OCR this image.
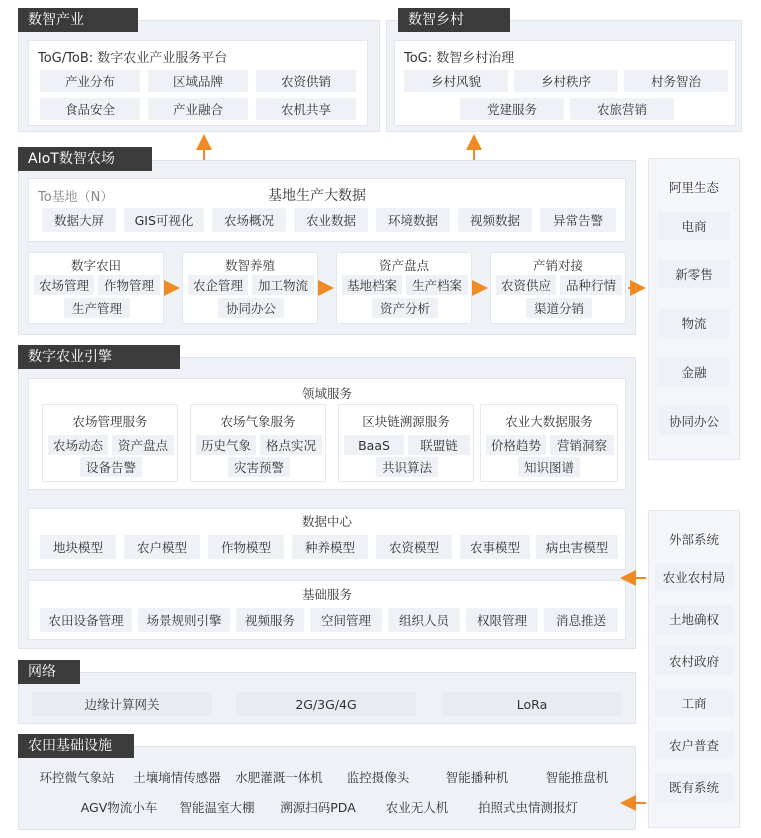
数智产业
ToG/ToB: 数字农业产业服务平台
产业分布	区域品牌	农资供销
食品安全	产业融合	农机共享
数智乡村
ToG: 数智乡村治理
乡村风貌	乡村秩序	村务智治
党建服务	农旅营销
AIoT数智农场
To基地（N）	基地生产大数据
数据大屏	GIS可视化	农场概况	农业数据	环境数据	视频数据	异常告警
数字农田
农场管理	作物管理
生产管理
数智养殖
农企管理	加工物流
协同办公
资产盘点
基地档案	生产档案
资产分析
产销对接
农资供应	品种行情
渠道分销
数字农业引擎
领域服务
农场管理服务
农场动态	资产盘点
设备告警
农场气象服务
历史气象	格点实况
灾害预警
区块链溯源服务
BaaS	联盟链
共识算法
农业大数据服务
价格趋势	营销洞察
知识图谱
数据中心
地块模型	农户模型	作物模型	种养模型	农资模型	农事模型	病虫害模型
基础服务
农田设备管理	场景规则引擎	视频服务	空间管理	组织人员	权限管理	消息推送
网络
边缘计算网关	2G/3G/4G	LoRa
农田基础设施
环控微气象站	土壤墒情传感器	水肥灌溉一体机	监控摄像头	智能播种机	智能推盘机
AGV物流小车	智能温室大棚	溯源扫码PDA	农业无人机	拍照式虫情测报灯
阿里生态
电商
新零售
物流
金融
协同办公
外部系统
农业农村局
土地确权
农村政府
工商
农户普查
既有系统
